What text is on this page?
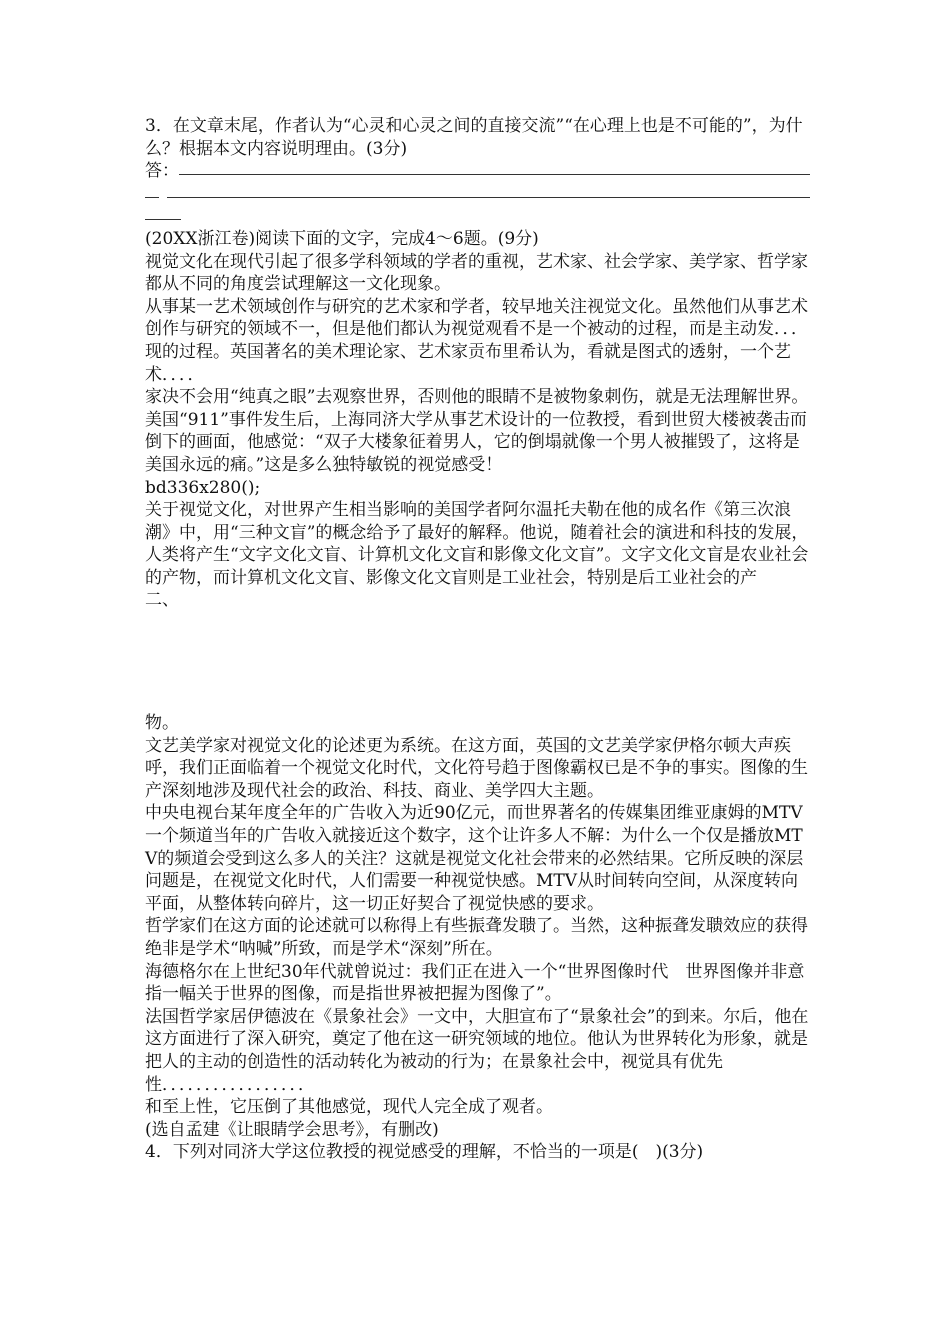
3．在文章末尾，作者认为“心灵和心灵之间的直接交流”“在心理上也是不可能的”，为什么？根据本文内容说明理由。(3分)

答：

(20XX浙江卷)阅读下面的文字，完成4～6题。(9分)

视觉文化在现代引起了很多学科领域的学者的重视，艺术家、社会学家、美学家、哲学家都从不同的角度尝试理解这一文化现象。

从事某一艺术领域创作与研究的艺术家和学者，较早地关注视觉文化。虽然他们从事艺术创作与研究的领域不一，但是他们都认为视觉观看不是一个被动的过程，而是主动发．．．现的过程。英国著名的美术理论家、艺术家贡布里希认为，看就是图式的透射，一个艺术．．．．

家决不会用“纯真之眼”去观察世界，否则他的眼睛不是被物象刺伤，就是无法理解世界。

美国“911”事件发生后，上海同济大学从事艺术设计的一位教授，看到世贸大楼被袭击而倒下的画面，他感觉：“双子大楼象征着男人，它的倒塌就像一个男人被摧毁了，这将是美国永远的痛。”这是多么独特敏锐的视觉感受！

bd336x280();

关于视觉文化，对世界产生相当影响的美国学者阿尔温托夫勒在他的成名作《第三次浪潮》中，用“三种文盲”的概念给予了最好的解释。他说，随着社会的演进和科技的发展，人类将产生“文字文化文盲、计算机文化文盲和影像文化文盲”。文字文化文盲是农业社会的产物，而计算机文化文盲、影像文化文盲则是工业社会，特别是后工业社会的产

二、

物。

文艺美学家对视觉文化的论述更为系统。在这方面，英国的文艺美学家伊格尔顿大声疾呼，我们正面临着一个视觉文化时代，文化符号趋于图像霸权已是不争的事实。图像的生产深刻地涉及现代社会的政治、科技、商业、美学四大主题。

中央电视台某年度全年的广告收入为近90亿元，而世界著名的传媒集团维亚康姆的MTV一个频道当年的广告收入就接近这个数字，这个让许多人不解：为什么一个仅是播放MTV的频道会受到这么多人的关注？这就是视觉文化社会带来的必然结果。它所反映的深层问题是，在视觉文化时代，人们需要一种视觉快感。MTV从时间转向空间，从深度转向平面，从整体转向碎片，这一切正好契合了视觉快感的要求。

哲学家们在这方面的论述就可以称得上有些振聋发聩了。当然，这种振聋发聩效应的获得绝非是学术“呐喊”所致，而是学术“深刻”所在。

海德格尔在上世纪30年代就曾说过：我们正在进入一个“世界图像时代　世界图像并非意指一幅关于世界的图像，而是指世界被把握为图像了”。

法国哲学家居伊德波在《景象社会》一文中，大胆宣布了“景象社会”的到来。尔后，他在这方面进行了深入研究，奠定了他在这一研究领域的地位。他认为世界转化为形象，就是把人的主动的创造性的活动转化为被动的行为；在景象社会中，视觉具有优先性．．．．．．．．．．．．．．．．．

和至上性，它压倒了其他感觉，现代人完全成了观者。

(选自孟建《让眼睛学会思考》，有删改)

4．下列对同济大学这位教授的视觉感受的理解，不恰当的一项是(　)(3分)
